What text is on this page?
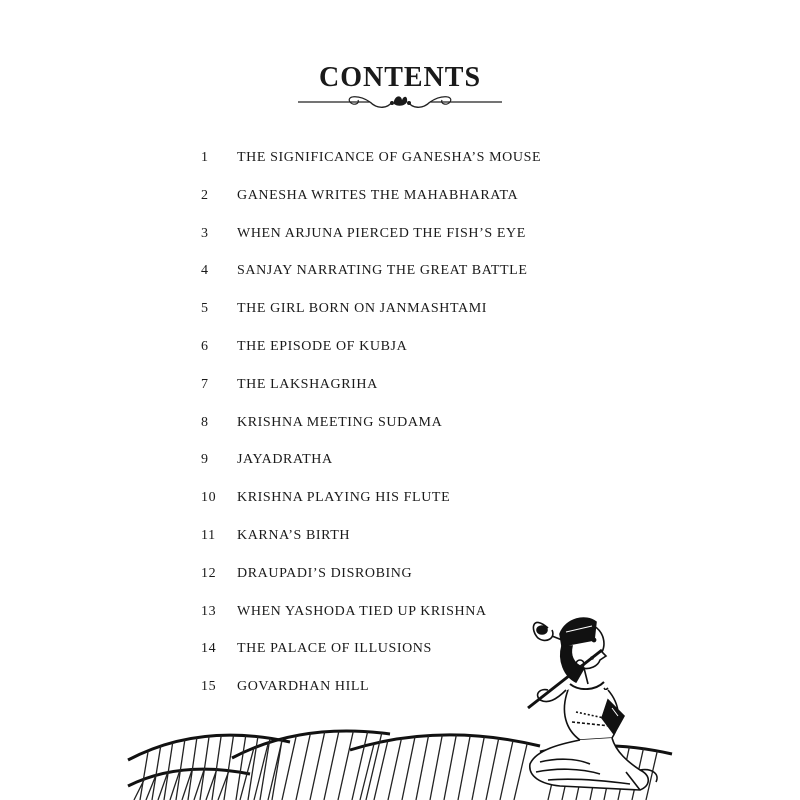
CONTENTS
1 THE SIGNIFICANCE OF GANESHA’S MOUSE
2 GANESHA WRITES THE MAHABHARATA
3 WHEN ARJUNA PIERCED THE FISH’S EYE
4 SANJAY NARRATING THE GREAT BATTLE
5 THE GIRL BORN ON JANMASHTAMI
6 THE EPISODE OF KUBJA
7 THE LAKSHAGRIHA
8 KRISHNA MEETING SUDAMA
9 JAYADRATHA
10 KRISHNA PLAYING HIS FLUTE
11 KARNA’S BIRTH
12 DRAUPADI’S DISROBING
13 WHEN YASHODA TIED UP KRISHNA
14 THE PALACE OF ILLUSIONS
15 GOVARDHAN HILL
